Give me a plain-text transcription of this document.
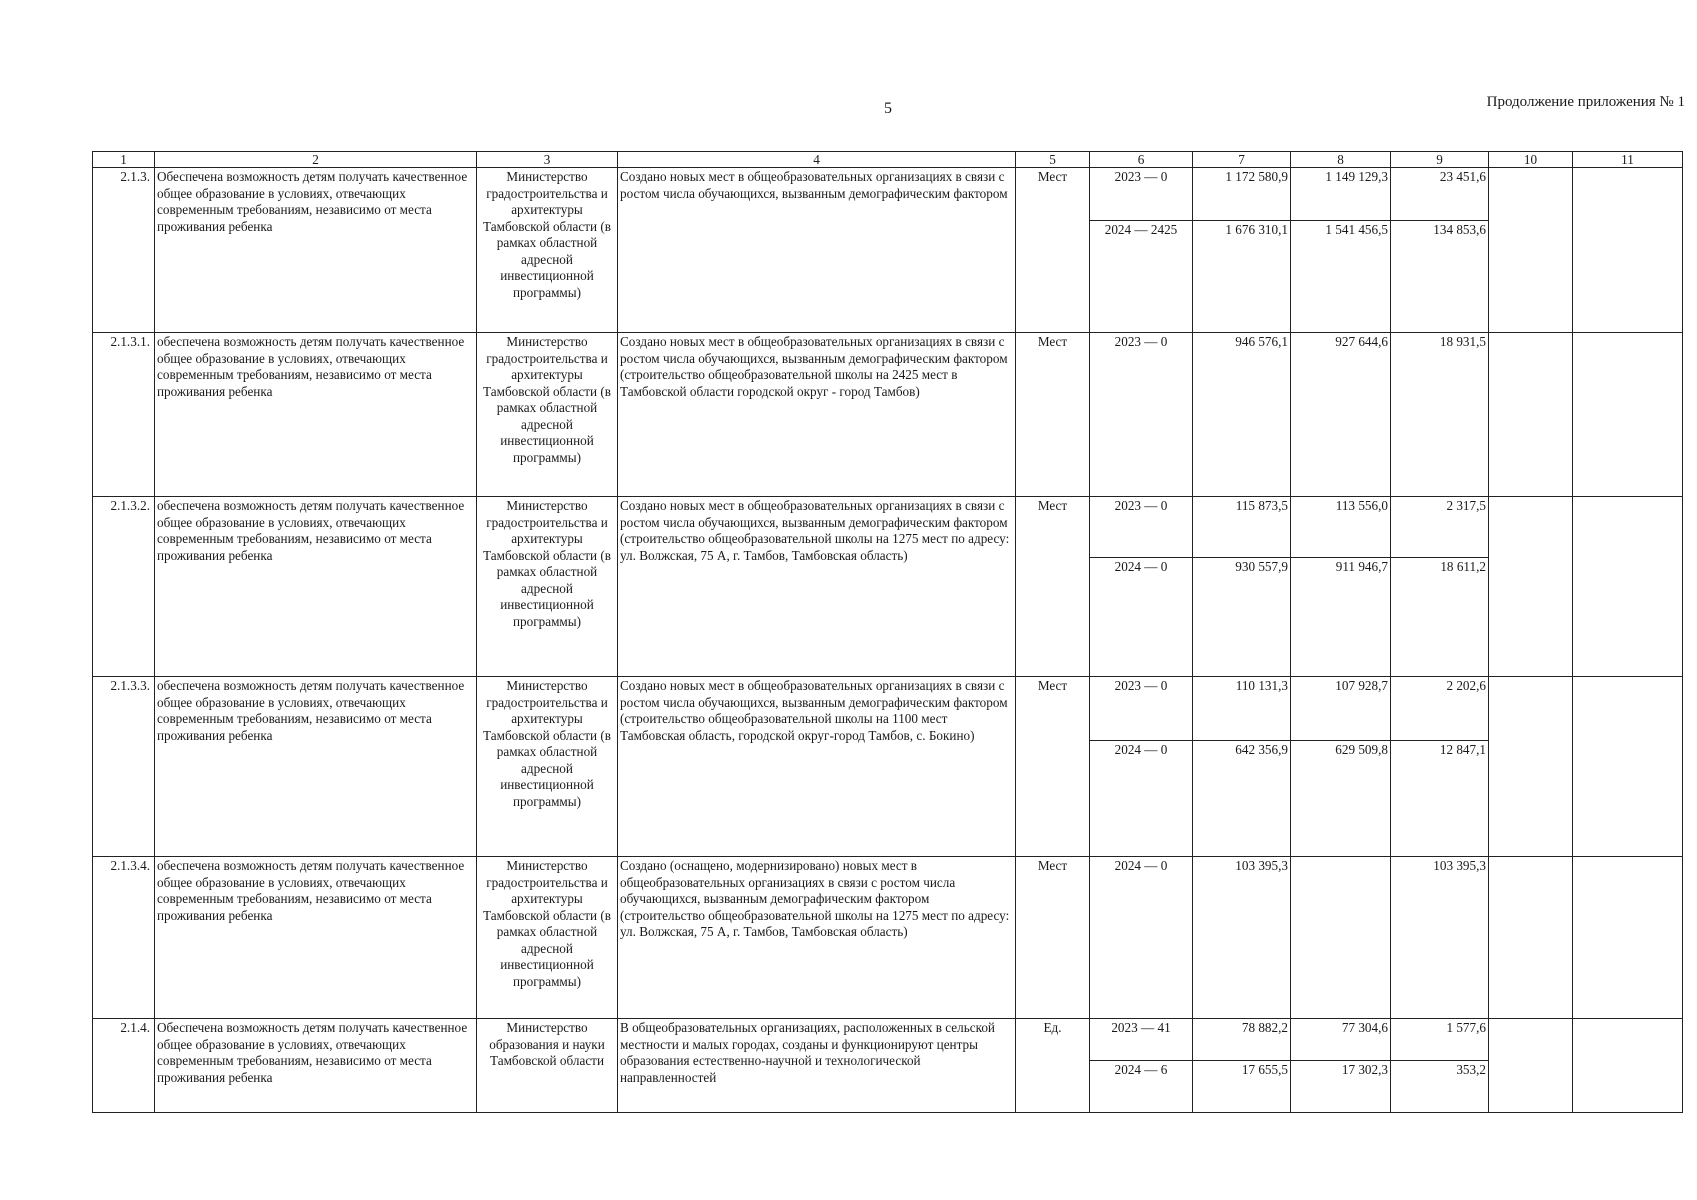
5	Продолжение приложения № 1
1	2	3	4	5	6	7	8	9	10	11
2.1.3.	Обеспечена возможность детям получать качественное общее образование в условиях, отвечающих современным требованиям, независимо от места проживания ребенка	Министерство градостроительства и архитектуры Тамбовской области (в рамках областной адресной инвестиционной программы)	Создано новых мест в общеобразовательных организациях в связи с ростом числа обучающихся, вызванным демографическим фактором	Мест	2023 — 0	1 172 580,9	1 149 129,3	23 451,6		
					2024 — 2425	1 676 310,1	1 541 456,5	134 853,6		
2.1.3.1.	обеспечена возможность детям получать качественное общее образование в условиях, отвечающих современным требованиям, независимо от места проживания ребенка	Министерство градостроительства и архитектуры Тамбовской области (в рамках областной адресной инвестиционной программы)	Создано новых мест в общеобразовательных организациях в связи с ростом числа обучающихся, вызванным демографическим фактором (строительство общеобразовательной школы на 2425 мест в Тамбовской области городской округ - город Тамбов)	Мест	2023 — 0	946 576,1	927 644,6	18 931,5		
2.1.3.2.	обеспечена возможность детям получать качественное общее образование в условиях, отвечающих современным требованиям, независимо от места проживания ребенка	Министерство градостроительства и архитектуры Тамбовской области (в рамках областной адресной инвестиционной программы)	Создано новых мест в общеобразовательных организациях в связи с ростом числа обучающихся, вызванным демографическим фактором (строительство общеобразовательной школы на 1275 мест по адресу: ул. Волжская, 75 А, г. Тамбов, Тамбовская область)	Мест	2023 — 0	115 873,5	113 556,0	2 317,5		
					2024 — 0	930 557,9	911 946,7	18 611,2		
2.1.3.3.	обеспечена возможность детям получать качественное общее образование в условиях, отвечающих современным требованиям, независимо от места проживания ребенка	Министерство градостроительства и архитектуры Тамбовской области (в рамках областной адресной инвестиционной программы)	Создано новых мест в общеобразовательных организациях в связи с ростом числа обучающихся, вызванным демографическим фактором (строительство общеобразовательной школы на 1100 мест Тамбовская область, городской округ-город Тамбов, с. Бокино)	Мест	2023 — 0	110 131,3	107 928,7	2 202,6		
					2024 — 0	642 356,9	629 509,8	12 847,1		
2.1.3.4.	обеспечена возможность детям получать качественное общее образование в условиях, отвечающих современным требованиям, независимо от места проживания ребенка	Министерство градостроительства и архитектуры Тамбовской области (в рамках областной адресной инвестиционной программы)	Создано (оснащено, модернизировано) новых мест в общеобразовательных организациях в связи с ростом числа обучающихся, вызванным демографическим фактором (строительство общеобразовательной школы на 1275 мест по адресу: ул. Волжская, 75 А, г. Тамбов, Тамбовская область)	Мест	2024 — 0	103 395,3		103 395,3		
2.1.4.	Обеспечена возможность детям получать качественное общее образование в условиях, отвечающих современным требованиям, независимо от места проживания ребенка	Министерство образования и науки Тамбовской области	В общеобразовательных организациях, расположенных в сельской местности и малых городах, созданы и функционируют центры образования естественно-научной и технологической направленностей	Ед.	2023 — 41	78 882,2	77 304,6	1 577,6		
					2024 — 6	17 655,5	17 302,3	353,2		
